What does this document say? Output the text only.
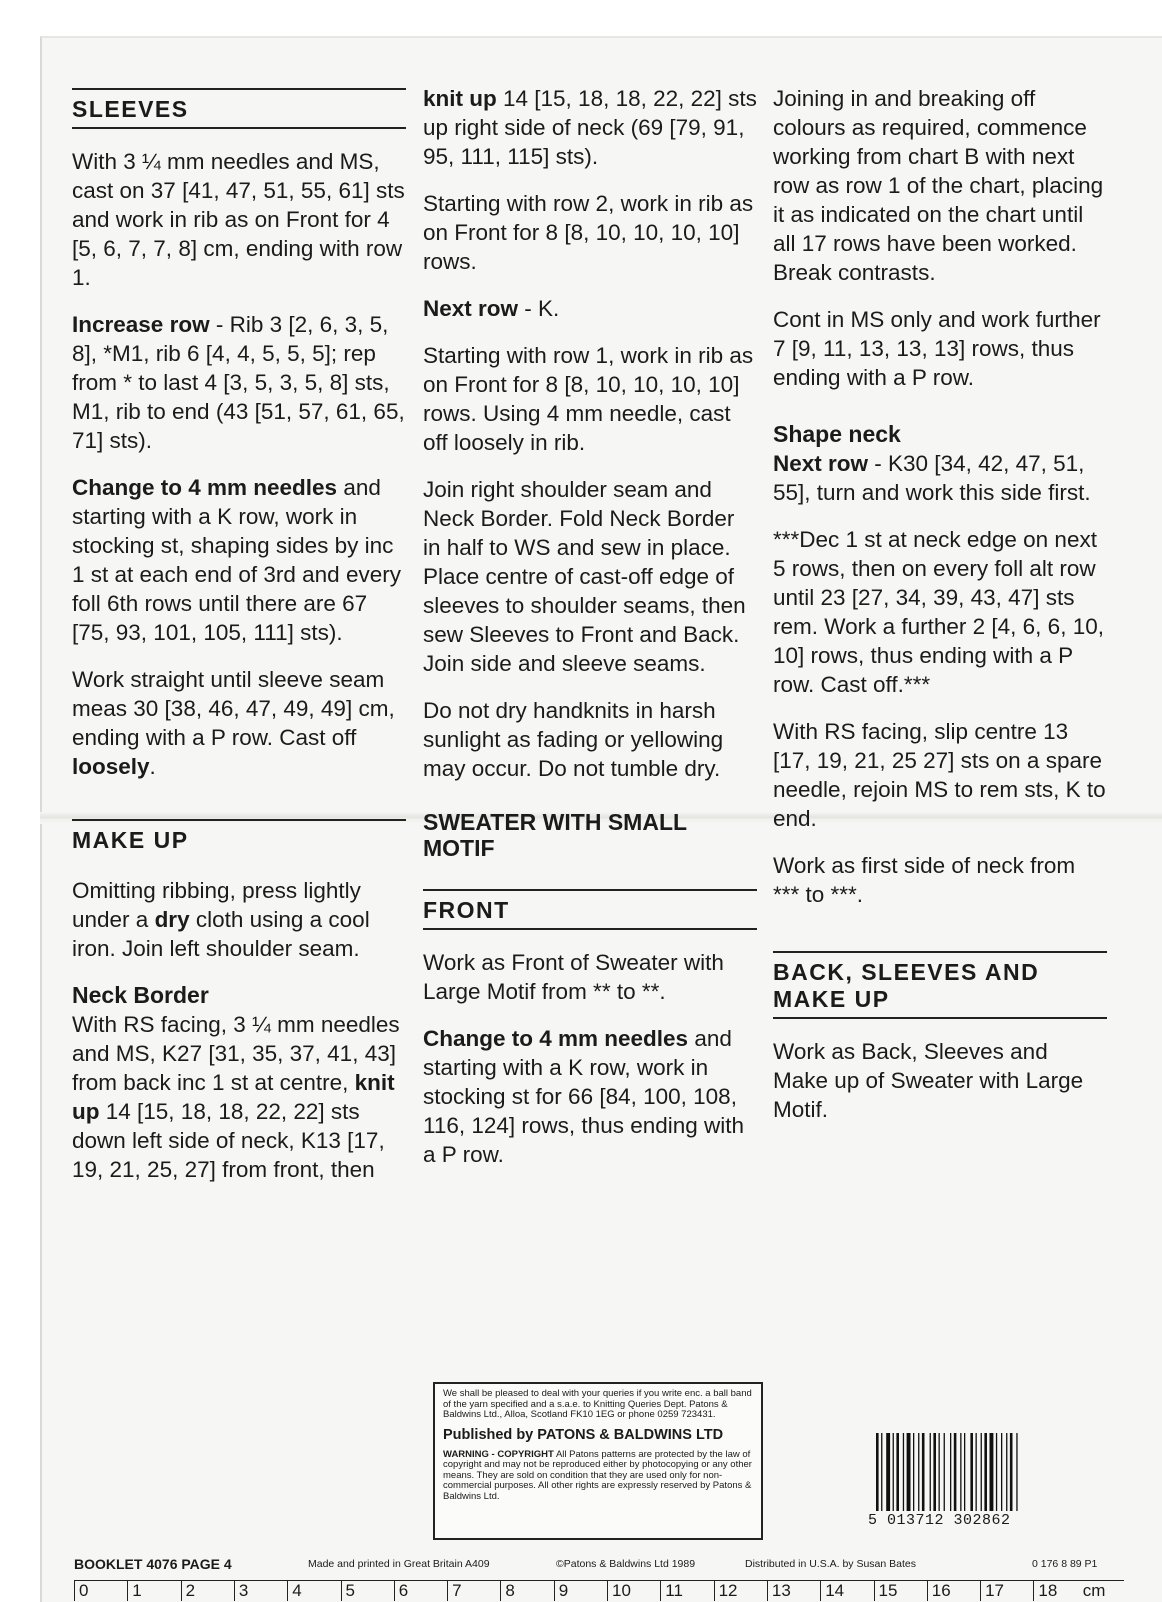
SLEEVES

With 3 ¼ mm needles and MS, cast on 37 [41, 47, 51, 55, 61] sts and work in rib as on Front for 4 [5, 6, 7, 7, 8] cm, ending with row 1.

Increase row - Rib 3 [2, 6, 3, 5, 8], *M1, rib 6 [4, 4, 5, 5, 5]; rep from * to last 4 [3, 5, 3, 5, 8] sts, M1, rib to end (43 [51, 57, 61, 65, 71] sts).

Change to 4 mm needles and starting with a K row, work in stocking st, shaping sides by inc 1 st at each end of 3rd and every foll 6th rows until there are 67 [75, 93, 101, 105, 111] sts).

Work straight until sleeve seam meas 30 [38, 46, 47, 49, 49] cm, ending with a P row. Cast off loosely.

MAKE UP

Omitting ribbing, press lightly under a dry cloth using a cool iron. Join left shoulder seam.

Neck Border

With RS facing, 3 ¼ mm needles and MS, K27 [31, 35, 37, 41, 43] from back inc 1 st at centre, knit up 14 [15, 18, 18, 22, 22] sts down left side of neck, K13 [17, 19, 21, 25, 27] from front, then

knit up 14 [15, 18, 18, 22, 22] sts up right side of neck (69 [79, 91, 95, 111, 115] sts).

Starting with row 2, work in rib as on Front for 8 [8, 10, 10, 10, 10] rows.

Next row - K.

Starting with row 1, work in rib as on Front for 8 [8, 10, 10, 10, 10] rows. Using 4 mm needle, cast off loosely in rib.

Join right shoulder seam and Neck Border. Fold Neck Border in half to WS and sew in place. Place centre of cast-off edge of sleeves to shoulder seams, then sew Sleeves to Front and Back. Join side and sleeve seams.

Do not dry handknits in harsh sunlight as fading or yellowing may occur. Do not tumble dry.

SWEATER WITH SMALL MOTIF
FRONT

Work as Front of Sweater with Large Motif from ** to **.

Change to 4 mm needles and starting with a K row, work in stocking st for 66 [84, 100, 108, 116, 124] rows, thus ending with a P row.

Joining in and breaking off colours as required, commence working from chart B with next row as row 1 of the chart, placing it as indicated on the chart until all 17 rows have been worked. Break contrasts.

Cont in MS only and work further 7 [9, 11, 13, 13, 13] rows, thus ending with a P row.

Shape neck

Next row - K30 [34, 42, 47, 51, 55], turn and work this side first.

***Dec 1 st at neck edge on next 5 rows, then on every foll alt row until 23 [27, 34, 39, 43, 47] sts rem. Work a further 2 [4, 6, 6, 10, 10] rows, thus ending with a P row. Cast off.***

With RS facing, slip centre 13 [17, 19, 21, 25 27] sts on a spare needle, rejoin MS to rem sts, K to end.

Work as first side of neck from *** to ***.

BACK, SLEEVES AND MAKE UP

Work as Back, Sleeves and Make up of Sweater with Large Motif.

We shall be pleased to deal with your queries if you write enc. a ball band of the yarn specified and a s.a.e. to Knitting Queries Dept. Patons & Baldwins Ltd., Alloa, Scotland FK10 1EG or phone 0259 723431.
Published by PATONS & BALDWINS LTD
WARNING - COPYRIGHT All Patons patterns are protected by the law of copyright and may not be reproduced either by photocopying or any other means. They are sold on condition that they are used only for non-commercial purposes. All other rights are expressly reserved by Patons & Baldwins Ltd.
5 013712 302862
BOOKLET 4076 PAGE 4	Made and printed in Great Britain A409	©Patons & Baldwins Ltd 1989	Distributed in U.S.A. by Susan Bates	0 176 8 89 P1
0	1	2	3	4	5	6	7	8	9	10 11 12 13 14 15 16 17 18 cm
